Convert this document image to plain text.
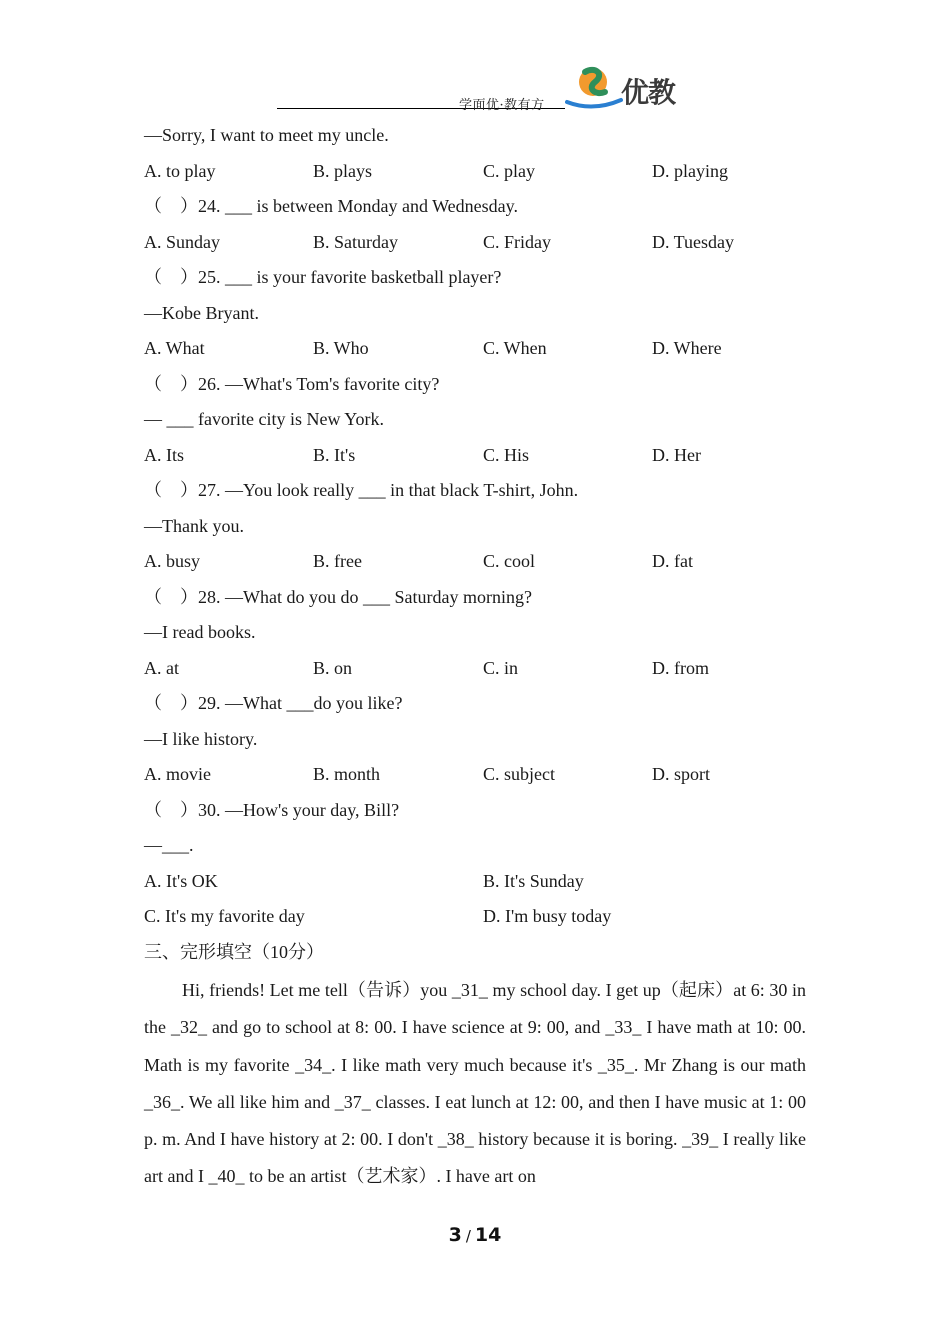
学面优·教有方	优教
—Sorry, I want to meet my uncle.
A. to play	B. plays	C. play	D. playing
（　）24. ___ is between Monday and Wednesday.
A. Sunday	B. Saturday	C. Friday	D. Tuesday
（　）25. ___ is your favorite basketball player?
—Kobe Bryant.
A. What	B. Who	C. When	D. Where
（　）26. —What's Tom's favorite city?
— ___ favorite city is New York.
A. Its	B. It's	C. His	D. Her
（　）27. —You look really ___ in that black T-shirt, John.
—Thank you.
A. busy	B. free	C. cool	D. fat
（　）28. —What do you do ___ Saturday morning?
—I read books.
A. at	B. on	C. in	D. from
（　）29. —What ___do you like?
—I like history.
A. movie	B. month	C. subject	D. sport
（　）30. —How's your day, Bill?
—___.
A. It's OK	B. It's Sunday
C. It's my favorite day	D. I'm busy today
三、完形填空（10分）
Hi, friends! Let me tell（告诉）you _31_ my school day. I get up（起床）at 6: 30 in the _32_ and go to school at 8: 00. I have science at 9: 00, and _33_ I have math at 10: 00. Math is my favorite _34_. I like math very much because it's _35_. Mr Zhang is our math _36_. We all like him and _37_ classes. I eat lunch at 12: 00, and then I have music at 1: 00 p. m. And I have history at 2: 00. I don't _38_ history because it is boring. _39_ I really like art and I _40_ to be an artist（艺术家）. I have art on
3 / 14
